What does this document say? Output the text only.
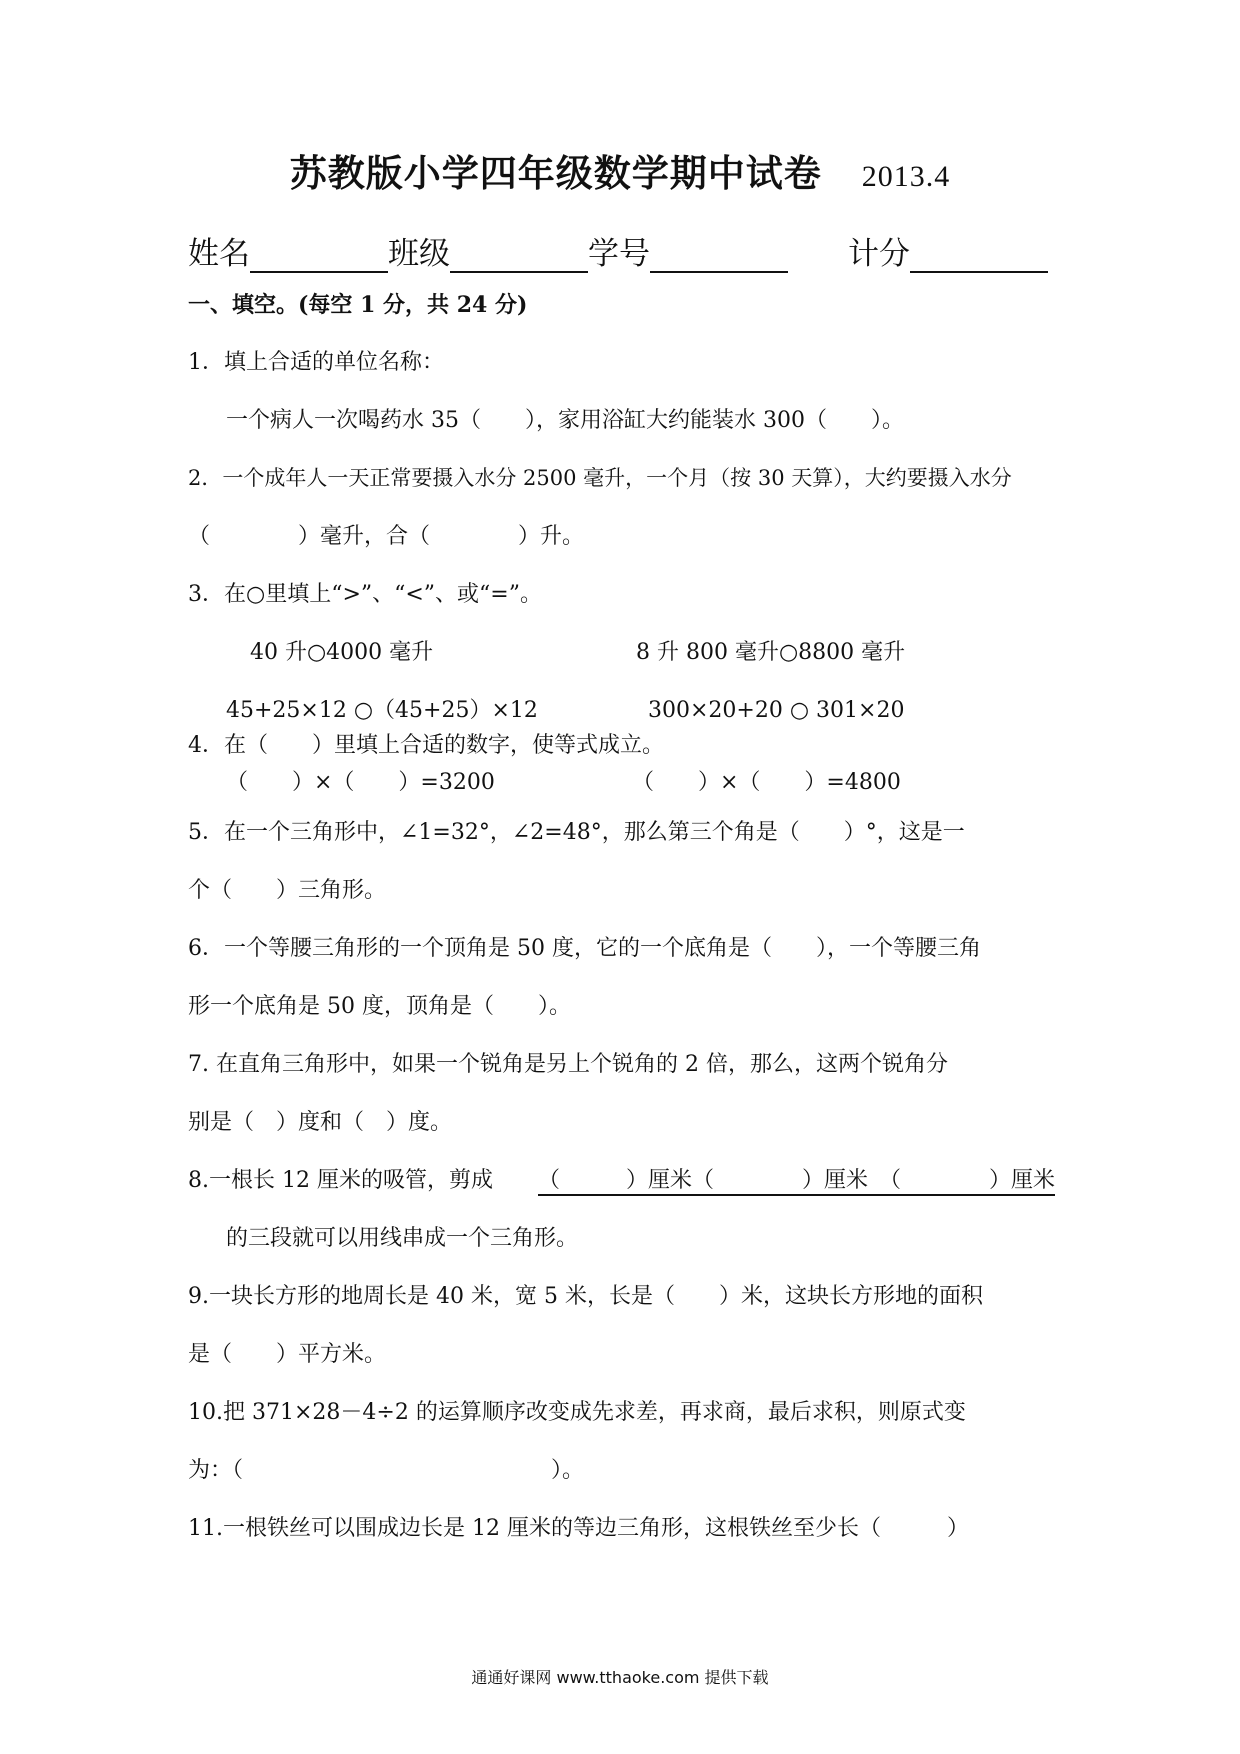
苏教版小学四年级数学期中试卷 2013.4
姓名	班级	学号	计分
一、填空。(每空 1 分，共 24 分)
1．填上合适的单位名称：
一个病人一次喝药水 35（　　），家用浴缸大约能装水 300（　　）。
2．一个成年人一天正常要摄入水分 2500 毫升，一个月（按 30 天算），大约要摄入水分
（　　　　）毫升，合（　　　　）升。
3．在○里填上“>”、“<”、或“=”。
40 升○4000 毫升	8 升 800 毫升○8800 毫升
45+25×12 ○（45+25）×12	300×20+20 ○ 301×20
4．在（　　）里填上合适的数字，使等式成立。
（　　）×（　　）=3200	（　　）×（　　）=4800
5．在一个三角形中，∠1=32°，∠2=48°，那么第三个角是（　　）°，这是一
个（　　）三角形。
6．一个等腰三角形的一个顶角是 50 度，它的一个底角是（　　），一个等腰三角
形一个底角是 50 度，顶角是（　　）。
7. 在直角三角形中，如果一个锐角是另上个锐角的 2 倍，那么，这两个锐角分
别是（　）度和（　）度。
8.一根长 12 厘米的吸管，剪成 （　　　）厘米（　　　　）厘米　（　　　　）厘米
的三段就可以用线串成一个三角形。
9.一块长方形的地周长是 40 米，宽 5 米，长是（　　）米，这块长方形地的面积
是（　　）平方米。
10.把 371×28－4÷2 的运算顺序改变成先求差，再求商，最后求积，则原式变
为：（　　　　　　　　　　　　　　）。
11.一根铁丝可以围成边长是 12 厘米的等边三角形，这根铁丝至少长（　　　）
通通好课网 www.tthaoke.com 提供下载
